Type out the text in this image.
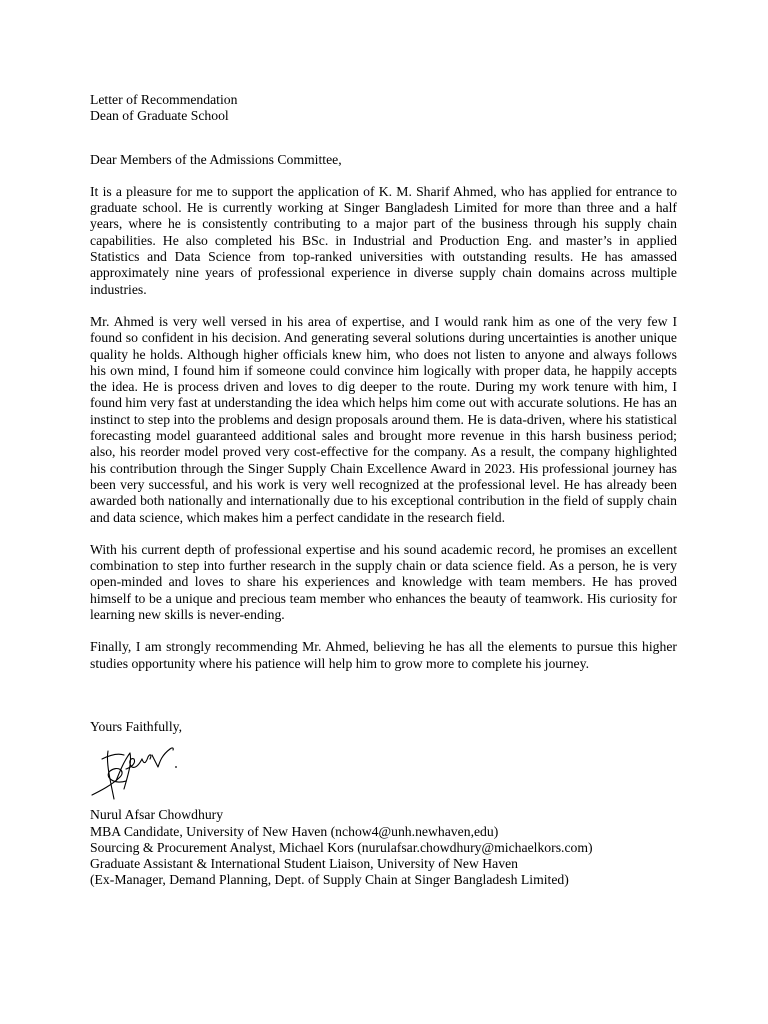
Letter of Recommendation
Dean of Graduate School
Dear Members of the Admissions Committee,

It is a pleasure for me to support the application of K. M. Sharif Ahmed, who has applied for entrance to graduate school. He is currently working at Singer Bangladesh Limited for more than three and a half years, where he is consistently contributing to a major part of the business through his supply chain capabilities. He also completed his BSc. in Industrial and Production Eng. and master’s in applied Statistics and Data Science from top-ranked universities with outstanding results. He has amassed approximately nine years of professional experience in diverse supply chain domains across multiple industries.

Mr. Ahmed is very well versed in his area of expertise, and I would rank him as one of the very few I found so confident in his decision. And generating several solutions during uncertainties is another unique quality he holds. Although higher officials knew him, who does not listen to anyone and always follows his own mind, I found him if someone could convince him logically with proper data, he happily accepts the idea. He is process driven and loves to dig deeper to the route. During my work tenure with him, I found him very fast at understanding the idea which helps him come out with accurate solutions. He has an instinct to step into the problems and design proposals around them. He is data-driven, where his statistical forecasting model guaranteed additional sales and brought more revenue in this harsh business period; also, his reorder model proved very cost-effective for the company. As a result, the company highlighted his contribution through the Singer Supply Chain Excellence Award in 2023. His professional journey has been very successful, and his work is very well recognized at the professional level. He has already been awarded both nationally and internationally due to his exceptional contribution in the field of supply chain and data science, which makes him a perfect candidate in the research field.

With his current depth of professional expertise and his sound academic record, he promises an excellent combination to step into further research in the supply chain or data science field. As a person, he is very open-minded and loves to share his experiences and knowledge with team members. He has proved himself to be a unique and precious team member who enhances the beauty of teamwork. His curiosity for learning new skills is never-ending.

Finally, I am strongly recommending Mr. Ahmed, believing he has all the elements to pursue this higher studies opportunity where his patience will help him to grow more to complete his journey.

Yours Faithfully,
Nurul Afsar Chowdhury
MBA Candidate, University of New Haven (nchow4@unh.newhaven,edu)
Sourcing & Procurement Analyst, Michael Kors (nurulafsar.chowdhury@michaelkors.com)
Graduate Assistant & International Student Liaison, University of New Haven
(Ex-Manager, Demand Planning, Dept. of Supply Chain at Singer Bangladesh Limited)
